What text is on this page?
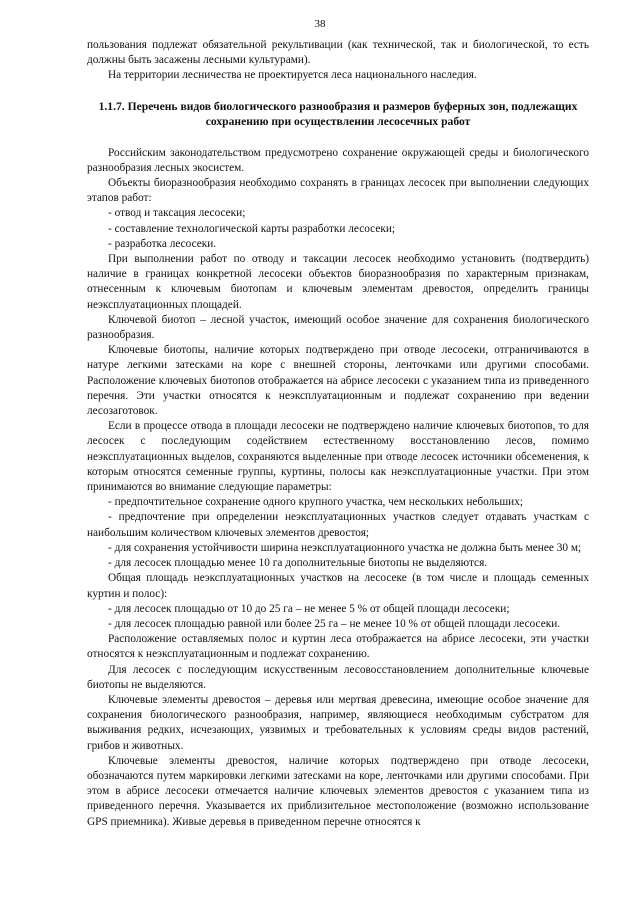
38

пользования подлежат обязательной рекультивации (как технической, так и биологической, то есть должны быть засажены лесными культурами).

На территории лесничества не проектируется леса национального наследия.

1.1.7. Перечень видов биологического разнообразия и размеров буферных зон, подлежащих сохранению при осуществлении лесосечных работ

Российским законодательством предусмотрено сохранение окружающей среды и биологического разнообразия лесных экосистем.

Объекты биоразнообразия необходимо сохранять в границах лесосек при выполнении следующих этапов работ:

- отвод и таксация лесосеки;

- составление технологической карты разработки лесосеки;

- разработка лесосеки.

При выполнении работ по отводу и таксации лесосек необходимо установить (подтвердить) наличие в границах конкретной лесосеки объектов биоразнообразия по характерным признакам, отнесенным к ключевым биотопам и ключевым элементам древостоя, определить границы неэксплуатационных площадей.

Ключевой биотоп – лесной участок, имеющий особое значение для сохранения биологического разнообразия.

Ключевые биотопы, наличие которых подтверждено при отводе лесосеки, отграничиваются в натуре легкими затесками на коре с внешней стороны, ленточками или другими способами. Расположение ключевых биотопов отображается на абрисе лесосеки с указанием типа из приведенного перечня. Эти участки относятся к неэксплуатационным и подлежат сохранению при ведении лесозаготовок.

Если в процессе отвода в площади лесосеки не подтверждено наличие ключевых биотопов, то для лесосек с последующим содействием естественному восстановлению лесов, помимо неэксплуатационных выделов, сохраняются выделенные при отводе лесосек источники обсеменения, к которым относятся семенные группы, куртины, полосы как неэксплуатационные участки. При этом принимаются во внимание следующие параметры:

- предпочтительное сохранение одного крупного участка, чем нескольких небольших;

- предпочтение при определении неэксплуатационных участков следует отдавать участкам с наибольшим количеством ключевых элементов древостоя;

- для сохранения устойчивости ширина неэксплуатационного участка не должна быть менее 30 м;

- для лесосек площадью менее 10 га дополнительные биотопы не выделяются.

Общая площадь неэксплуатационных участков на лесосеке (в том числе и площадь семенных куртин и полос):

- для лесосек площадью от 10 до 25 га – не менее 5 % от общей площади лесосеки;

- для лесосек площадью равной или более 25 га – не менее 10 % от общей площади лесосеки.

Расположение оставляемых полос и куртин леса отображается на абрисе лесосеки, эти участки относятся к неэксплуатационным и подлежат сохранению.

Для лесосек с последующим искусственным лесовосстановлением дополнительные ключевые биотопы не выделяются.

Ключевые элементы древостоя – деревья или мертвая древесина, имеющие особое значение для сохранения биологического разнообразия, например, являющиеся необходимым субстратом для выживания редких, исчезающих, уязвимых и требовательных к условиям среды видов растений, грибов и животных.

Ключевые элементы древостоя, наличие которых подтверждено при отводе лесосеки, обозначаются путем маркировки легкими затесками на коре, ленточками или другими способами. При этом в абрисе лесосеки отмечается наличие ключевых элементов древостоя с указанием типа из приведенного перечня. Указывается их приблизительное местоположение (возможно использование GPS приемника). Живые деревья в приведенном перечне относятся к
